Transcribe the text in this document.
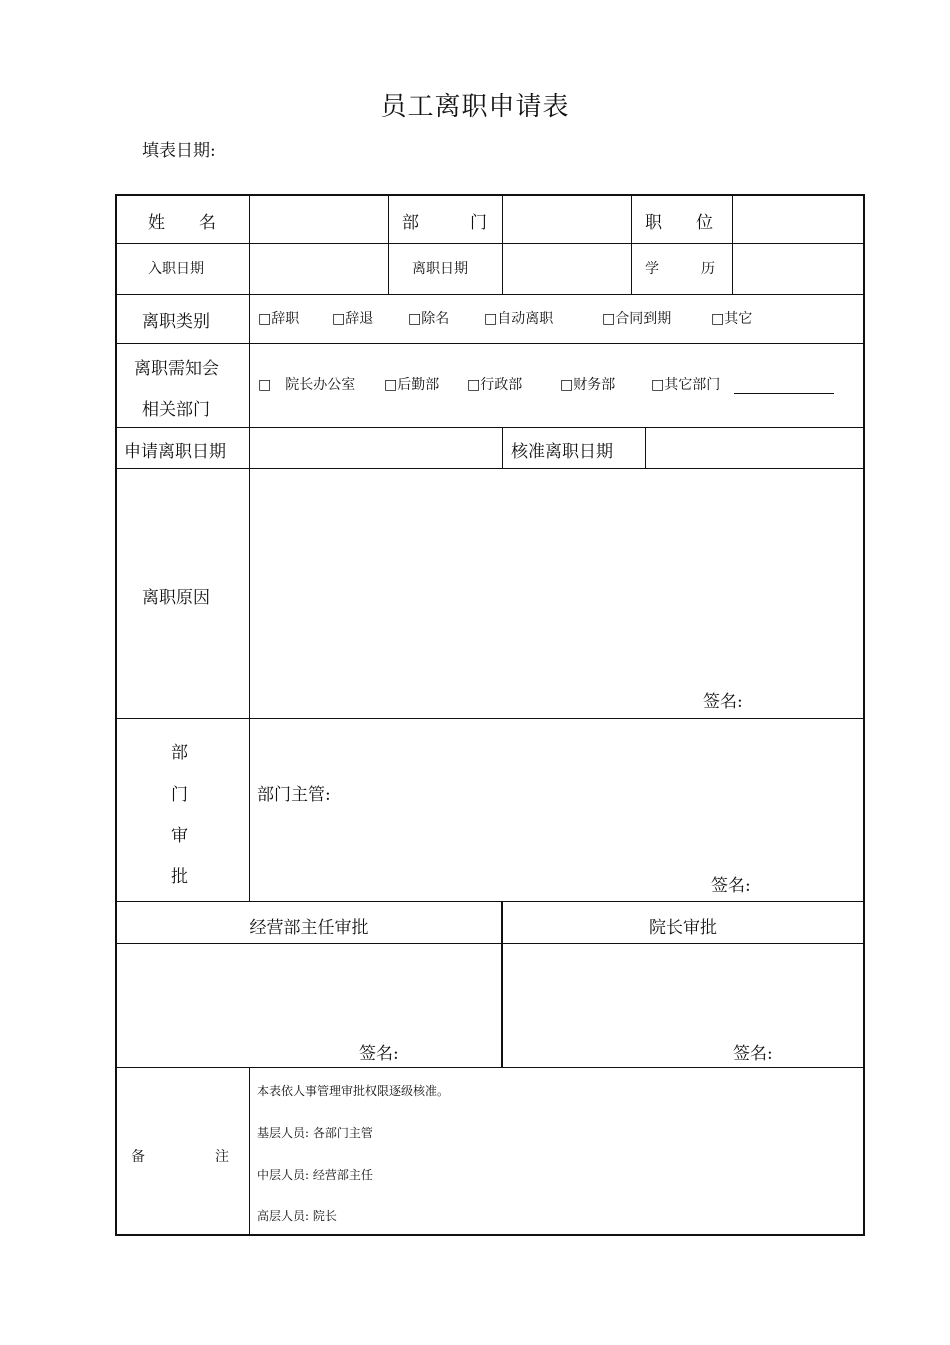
员工离职申请表
填表日期:
姓　　名	部　　　门	职　　位
入职日期	离职日期	学　　　历
离职类别	□辞职 □辞退 □除名 □自动离职	□合同到期	□其它
离职需知会
相关部门
□　院长办公室 □后勤部 □行政部	□财务部	□其它部门
申请离职日期	核准离职日期
离职原因
签名:
部
门
审
批
部门主管:
签名:
经营部主任审批	院长审批
签名:	签名:
备　　　　　注
本表依人事管理审批权限逐级核准。
基层人员: 各部门主管
中层人员: 经营部主任
高层人员: 院长
